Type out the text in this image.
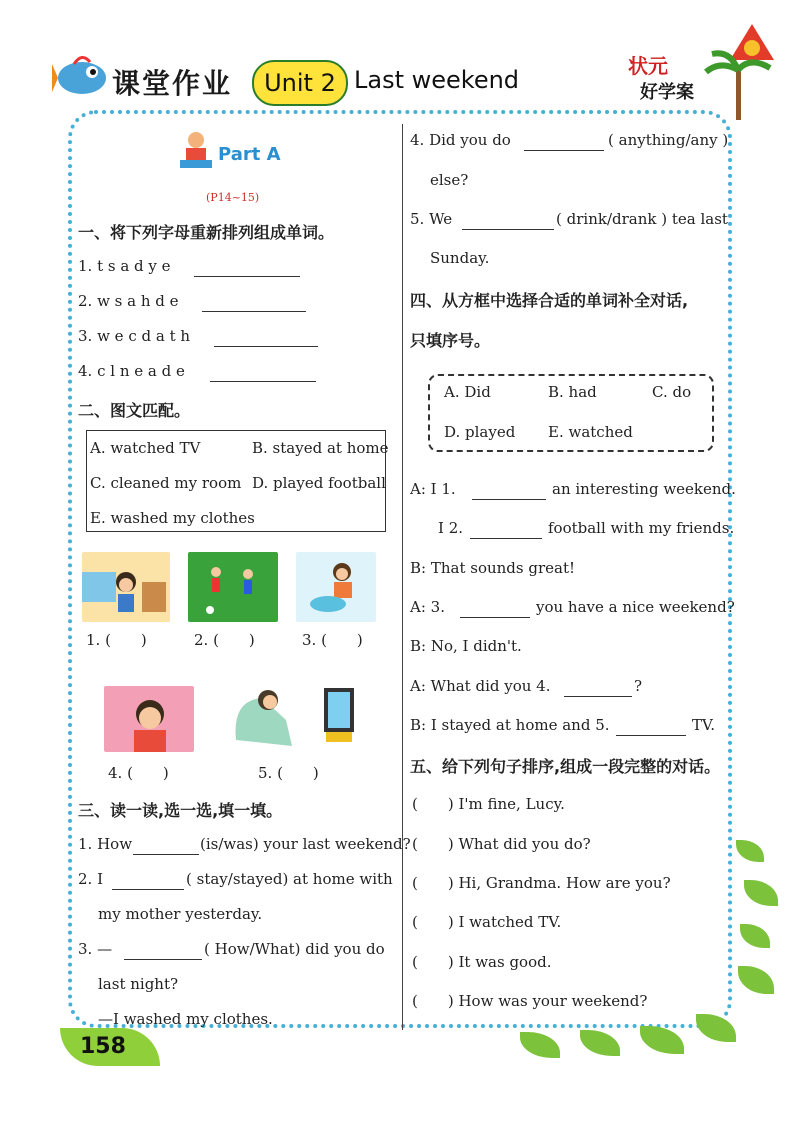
课堂作业	Unit 2 Last weekend	状元
好学案
Part A
(P14~15)
一、将下列字母重新排列组成单词。
1. t s a d y e
2. w s a h d e
3. w e c d a t h
4. c l n e a d e
二、图文匹配。
A. watched TV	B. stayed at home
C. cleaned my room D. played football
E. washed my clothes
1. (　　)	2. (　　)	3. (　　)
4. (　　)	5. (　　)
三、读一读,选一选,填一填。
1. How	(is/was) your last weekend?
2. I	( stay/stayed) at home with
my mother yesterday.
3. —	( How/What) did you do
last night?
—I washed my clothes.
4. Did you do	( anything/any )
else?
5. We	( drink/drank ) tea last
Sunday.
四、从方框中选择合适的单词补全对话,
只填序号。
A. Did	B. had	C. do
D. played E. watched
A: I 1.	an interesting weekend.
I 2.	football with my friends.
B: That sounds great!
A: 3.	you have a nice weekend?
B: No, I didn't.
A: What did you 4.	?
B: I stayed at home and 5.	TV.
五、给下列句子排序,组成一段完整的对话。
(　　) I'm fine, Lucy.
(　　) What did you do?
(　　) Hi, Grandma. How are you?
(　　) I watched TV.
(　　) It was good.
(　　) How was your weekend?
158
